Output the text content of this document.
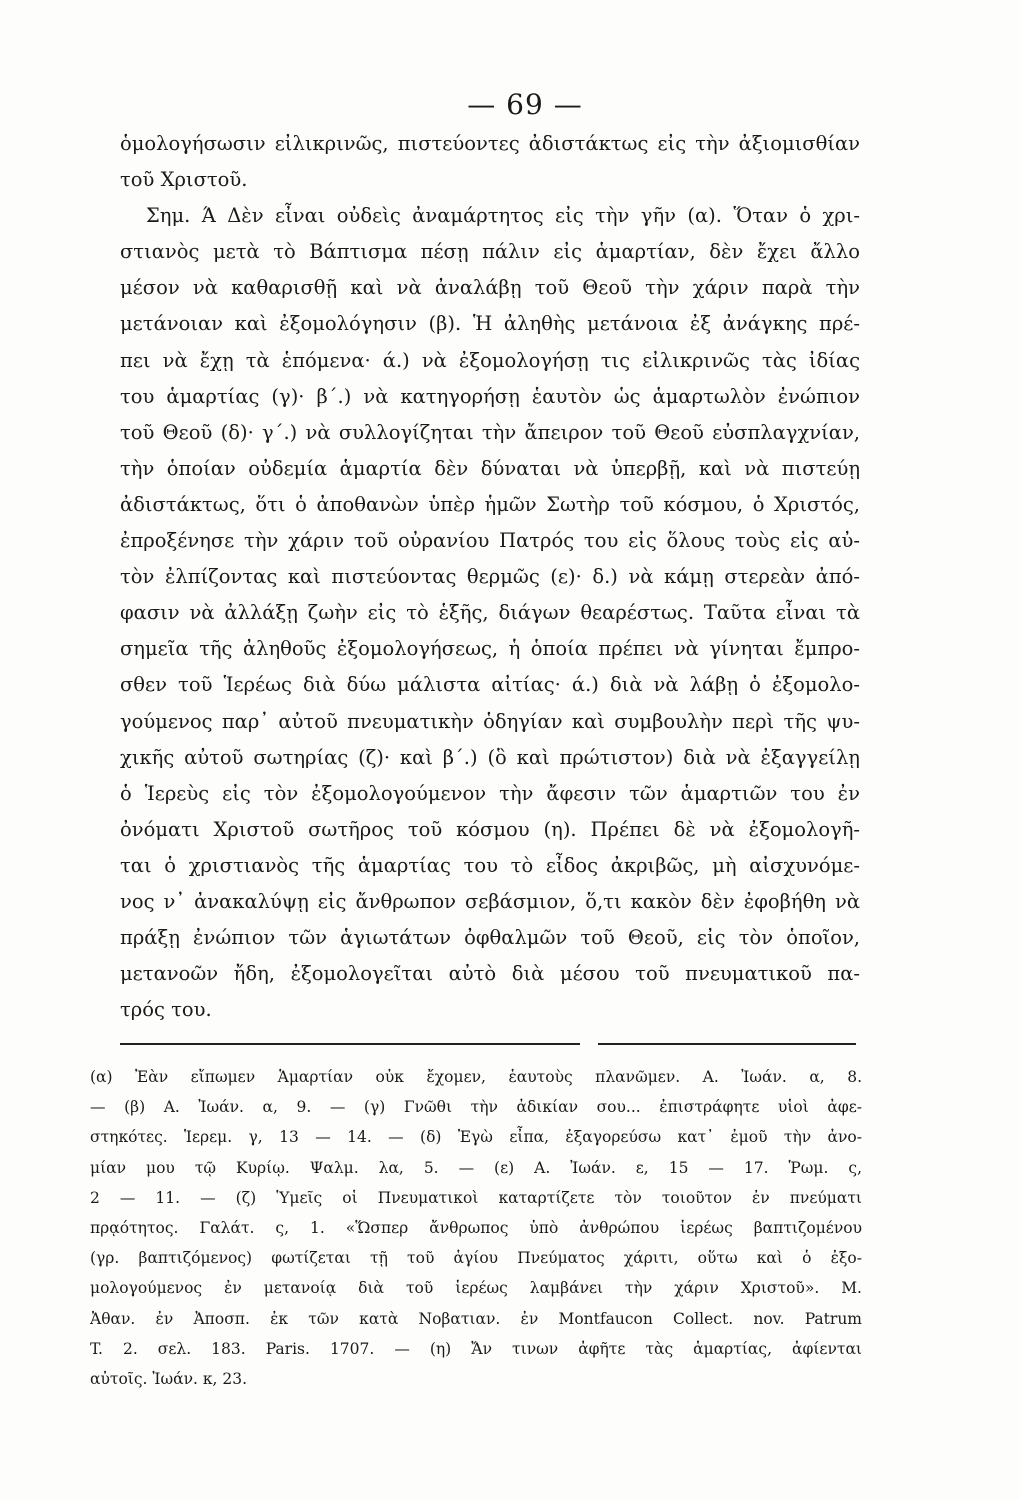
— 69 —
ὁμολογήσωσιν εἰλικρινῶς, πιστεύοντες ἀδιστάκτως εἰς τὴν ἀξιομισθίαν
τοῦ Χριστοῦ.
Σημ. Ά Δὲν εἶναι οὐδεὶς ἀναμάρτητος εἰς τὴν γῆν (α). Ὅταν ὁ χρι-
στιανὸς μετὰ τὸ Βάπτισμα πέσῃ πάλιν εἰς ἁμαρτίαν, δὲν ἔχει ἄλλο
μέσον νὰ καθαρισθῇ καὶ νὰ ἀναλάβῃ τοῦ Θεοῦ τὴν χάριν παρὰ τὴν
μετάνοιαν καὶ ἐξομολόγησιν (β). Ἡ ἀληθὴς μετάνοια ἐξ ἀνάγκης πρέ-
πει νὰ ἔχῃ τὰ ἑπόμενα· ά.) νὰ ἐξομολογήσῃ τις εἰλικρινῶς τὰς ἰδίας
του ἁμαρτίας (γ)· β΄.) νὰ κατηγορήσῃ ἑαυτὸν ὡς ἁμαρτωλὸν ἐνώπιον
τοῦ Θεοῦ (δ)· γ΄.) νὰ συλλογίζηται τὴν ἄπειρον τοῦ Θεοῦ εὐσπλαγχνίαν,
τὴν ὁποίαν οὐδεμία ἁμαρτία δὲν δύναται νὰ ὑπερβῇ, καὶ νὰ πιστεύῃ
ἀδιστάκτως, ὅτι ὁ ἀποθανὼν ὑπὲρ ἡμῶν Σωτὴρ τοῦ κόσμου, ὁ Χριστός,
ἐπροξένησε τὴν χάριν τοῦ οὐρανίου Πατρός του εἰς ὅλους τοὺς εἰς αὐ-
τὸν ἐλπίζοντας καὶ πιστεύοντας θερμῶς (ε)· δ.) νὰ κάμῃ στερεὰν ἀπό-
φασιν νὰ ἀλλάξῃ ζωὴν εἰς τὸ ἑξῆς, διάγων θεαρέστως. Ταῦτα εἶναι τὰ
σημεῖα τῆς ἀληθοῦς ἐξομολογήσεως, ἡ ὁποία πρέπει νὰ γίνηται ἔμπρο-
σθεν τοῦ Ἱερέως διὰ δύω μάλιστα αἰτίας· ά.) διὰ νὰ λάβῃ ὁ ἐξομολο-
γούμενος παρ᾽ αὐτοῦ πνευματικὴν ὁδηγίαν καὶ συμβουλὴν περὶ τῆς ψυ-
χικῆς αὐτοῦ σωτηρίας (ζ)· καὶ β΄.) (ὃ καὶ πρώτιστον) διὰ νὰ ἐξαγγείλῃ
ὁ Ἱερεὺς εἰς τὸν ἐξομολογούμενον τὴν ἄφεσιν τῶν ἁμαρτιῶν του ἐν
ὀνόματι Χριστοῦ σωτῆρος τοῦ κόσμου (η). Πρέπει δὲ νὰ ἐξομολογῆ-
ται ὁ χριστιανὸς τῆς ἁμαρτίας του τὸ εἶδος ἀκριβῶς, μὴ αἰσχυνόμε-
νος ν᾽ ἀνακαλύψῃ εἰς ἄνθρωπον σεβάσμιον, ὅ,τι κακὸν δὲν ἐφοβήθη νὰ
πράξῃ ἐνώπιον τῶν ἁγιωτάτων ὀφθαλμῶν τοῦ Θεοῦ, εἰς τὸν ὁποῖον,
μετανοῶν ἤδη, ἐξομολογεῖται αὐτὸ διὰ μέσου τοῦ πνευματικοῦ πα-
τρός του.
(α) Ἐὰν εἴπωμεν Ἁμαρτίαν οὐκ ἔχομεν, ἑαυτοὺς πλανῶμεν. Α. Ἰωάν. α, 8.
— (β) Α. Ἰωάν. α, 9. — (γ) Γνῶθι τὴν ἀδικίαν σου... ἐπιστράφητε υἱοὶ ἀφε-
στηκότες. Ἱερεμ. γ, 13 — 14. — (δ) Ἐγὼ εἶπα, ἐξαγορεύσω κατ᾽ ἐμοῦ τὴν ἀνο-
μίαν μου τῷ Κυρίῳ. Ψαλμ. λα, 5. — (ε) Α. Ἰωάν. ε, 15 — 17. Ῥωμ. ς,
2 — 11. — (ζ) Ὑμεῖς οἱ Πνευματικοὶ καταρτίζετε τὸν τοιοῦτον ἐν πνεύματι
πρᾳότητος. Γαλάτ. ς, 1. «Ὥσπερ ἄνθρωπος ὑπὸ ἀνθρώπου ἱερέως βαπτιζομένου
(γρ. βαπτιζόμενος) φωτίζεται τῇ τοῦ ἁγίου Πνεύματος χάριτι, οὕτω καὶ ὁ ἐξο-
μολογούμενος ἐν μετανοίᾳ διὰ τοῦ ἱερέως λαμβάνει τὴν χάριν Χριστοῦ». Μ.
Ἀθαν. ἐν Ἀποσπ. ἐκ τῶν κατὰ Νοβατιαν. ἐν Montfaucon Collect. nov. Patrum
T. 2. σελ. 183. Paris. 1707. — (η) Ἄν τινων ἀφῆτε τὰς ἁμαρτίας, ἀφίενται
αὐτοῖς. Ἰωάν. κ, 23.
